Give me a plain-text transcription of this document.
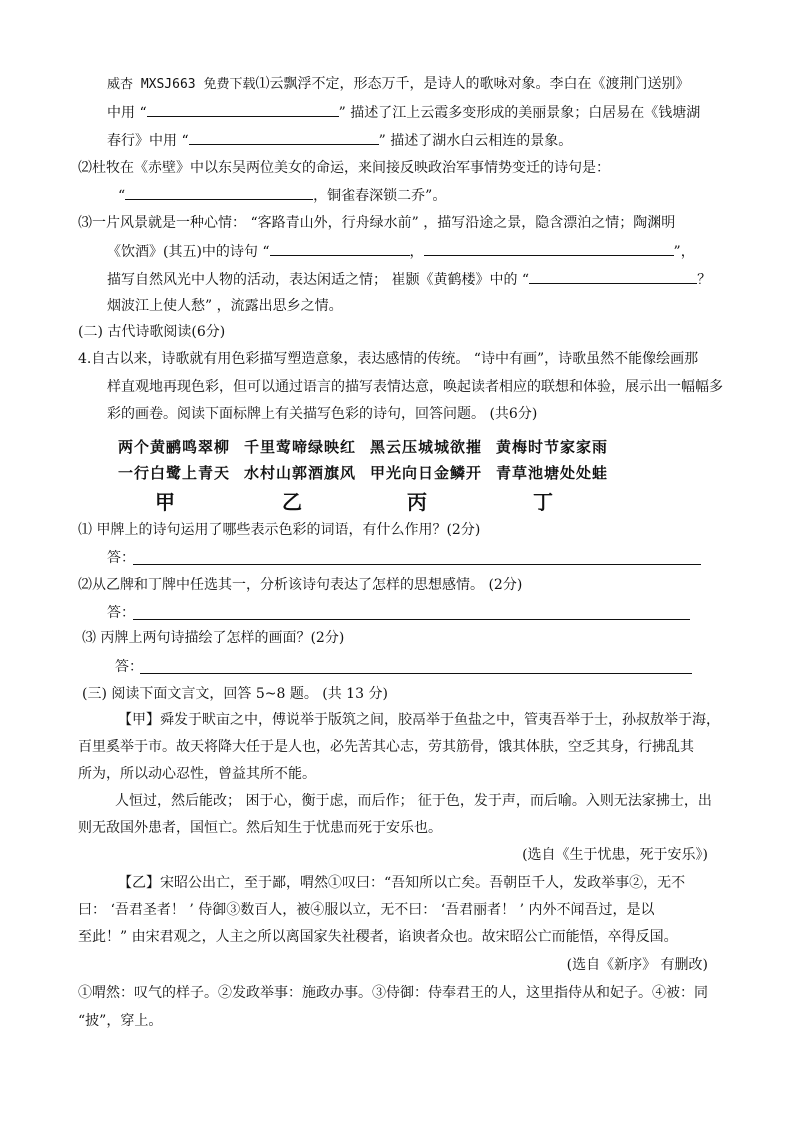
威杏 MXSJ663 免费下载⑴云飘浮不定，形态万千，是诗人的歌咏对象。李白在《渡荆门送别》
中用 “	” 描述了江上云霞多变形成的美丽景象；白居易在《钱塘湖
春行》中用 “	” 描述了湖水白云相连的景象。
⑵杜牧在《赤壁》中以东吴两位美女的命运，来间接反映政治军事情势变迁的诗句是：
“	，铜雀春深锁二乔”。
⑶一片风景就是一种心情： “客路青山外，行舟绿水前” ，描写沿途之景，隐含漂泊之情；陶渊明
《饮酒》(其五)中的诗句 “	，	”，
描写自然风光中人物的活动，表达闲适之情； 崔颢《黄鹤楼》中的 “	？
烟波江上使人愁” ，流露出思乡之情。
(二) 古代诗歌阅读(6分)
4.自古以来，诗歌就有用色彩描写塑造意象，表达感情的传统。 “诗中有画”，诗歌虽然不能像绘画那
样直观地再现色彩，但可以通过语言的描写表情达意，唤起读者相应的联想和体验，展示出一幅幅多
彩的画卷。阅读下面标牌上有关描写色彩的诗句，回答问题。 (共6分)
两个黄鹂鸣翠柳
一行白鹭上青天
甲
千里莺啼绿映红
水村山郭酒旗风
乙
黑云压城城欲摧
甲光向日金鳞开
丙
黄梅时节家家雨
青草池塘处处蛙
丁
⑴ 甲牌上的诗句运用了哪些表示色彩的词语，有什么作用？(2分)
答：
⑵从乙牌和丁牌中任选其一，分析该诗句表达了怎样的思想感情。 (2分)
答：
⑶ 丙牌上两句诗描绘了怎样的画面？(2分)
答：
(三) 阅读下面文言文，回答 5~8 题。 (共 13 分)
【甲】舜发于畎亩之中，傅说举于版筑之间，胶鬲举于鱼盐之中，管夷吾举于士，孙叔敖举于海，
百里奚举于市。故天将降大任于是人也，必先苦其心志，劳其筋骨，饿其体肤，空乏其身，行拂乱其
所为，所以动心忍性，曾益其所不能。
人恒过，然后能改； 困于心，衡于虑，而后作； 征于色，发于声，而后喻。入则无法家拂士，出
则无敌国外患者，国恒亡。然后知生于忧患而死于安乐也。
(选自《生于忧患，死于安乐》)
【乙】宋昭公出亡，至于鄙，喟然①叹曰：“吾知所以亡矣。吾朝臣千人，发政举事②，无不
曰： ‘吾君圣者！ ’ 侍御③数百人，被④服以立，无不曰： ‘吾君丽者！ ’ 内外不闻吾过，是以
至此！” 由宋君观之，人主之所以离国家失社稷者，谄谀者众也。故宋昭公亡而能悟，卒得反国。
(选自《新序》 有删改)
①喟然：叹气的样子。②发政举事：施政办事。③侍御：侍奉君王的人，这里指侍从和妃子。④被：同
“披”，穿上。
